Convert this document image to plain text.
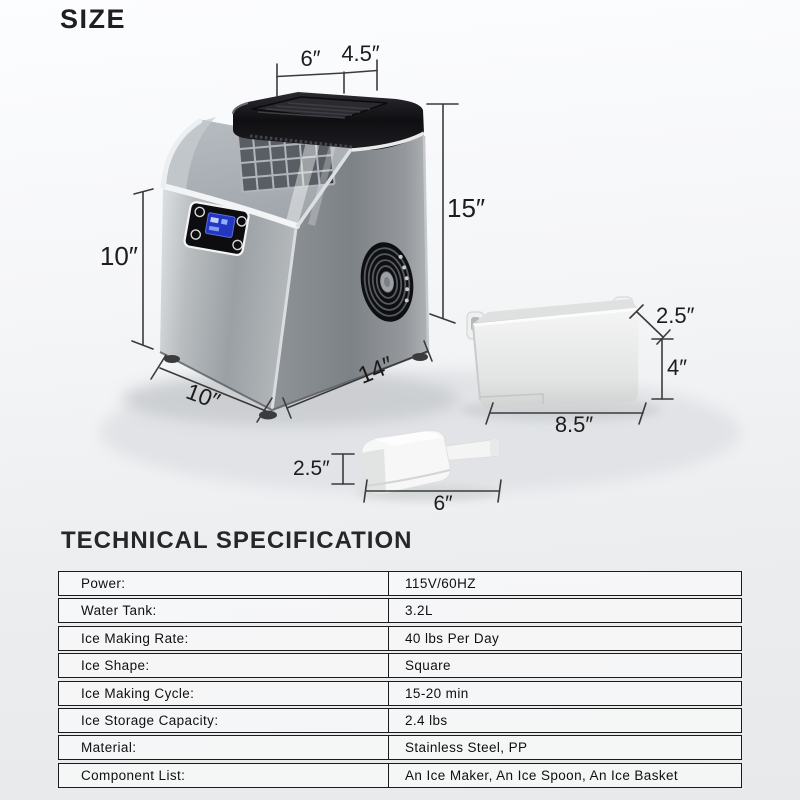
SIZE
6″ 4.5″
15″
10″
10″
14″
2.5″
4″
8.5″
2.5″
6″
TECHNICAL SPECIFICATION
Power:	115V/60HZ
Water Tank:	3.2L
Ice Making Rate:	40 lbs Per Day
Ice Shape:	Square
Ice Making Cycle:	15-20 min
Ice Storage Capacity:	2.4 lbs
Material:	Stainless Steel, PP
Component List:	An Ice Maker, An Ice Spoon, An Ice Basket
